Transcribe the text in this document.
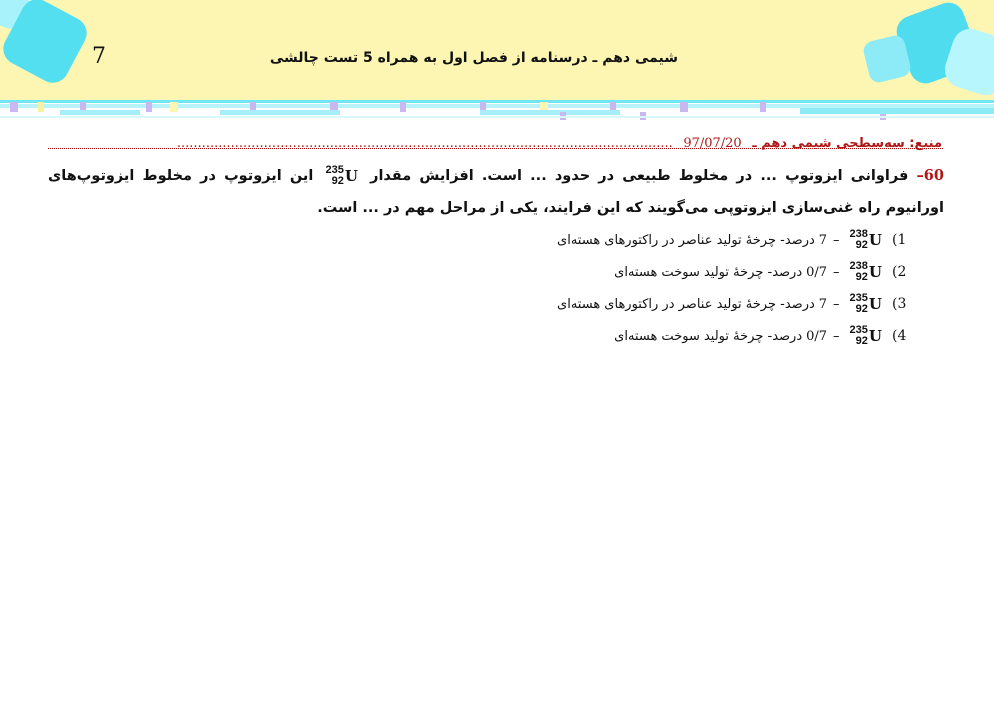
7	شیمی دهم ـ درسنامه از فصل اول به همراه 5 تست چالشی
منبع: سه‌سطحی شیمی دهم ـ 97/07/20 ........................................................................................................................
60– فراوانی ایزوتوپ ... در مخلوط طبیعی در حدود ... است. افزایش مقدار
235
92 U
این ایزوتوپ در مخلوط ایزوتوپ‌های اورانیوم راه غنی‌سازی ایزوتوپی می‌گویند که این فرایند، یکی از مراحل مهم در ... است.
1)
238
92 U
–
7
درصد- چرخهٔ تولید عناصر در راکتورهای هسته‌ای
2)
238
92 U
–
0/7
درصد- چرخهٔ تولید سوخت هسته‌ای
3)
235
92 U
–
7
درصد- چرخهٔ تولید عناصر در راکتورهای هسته‌ای
4)
235
92 U
–
0/7
درصد- چرخهٔ تولید سوخت هسته‌ای
